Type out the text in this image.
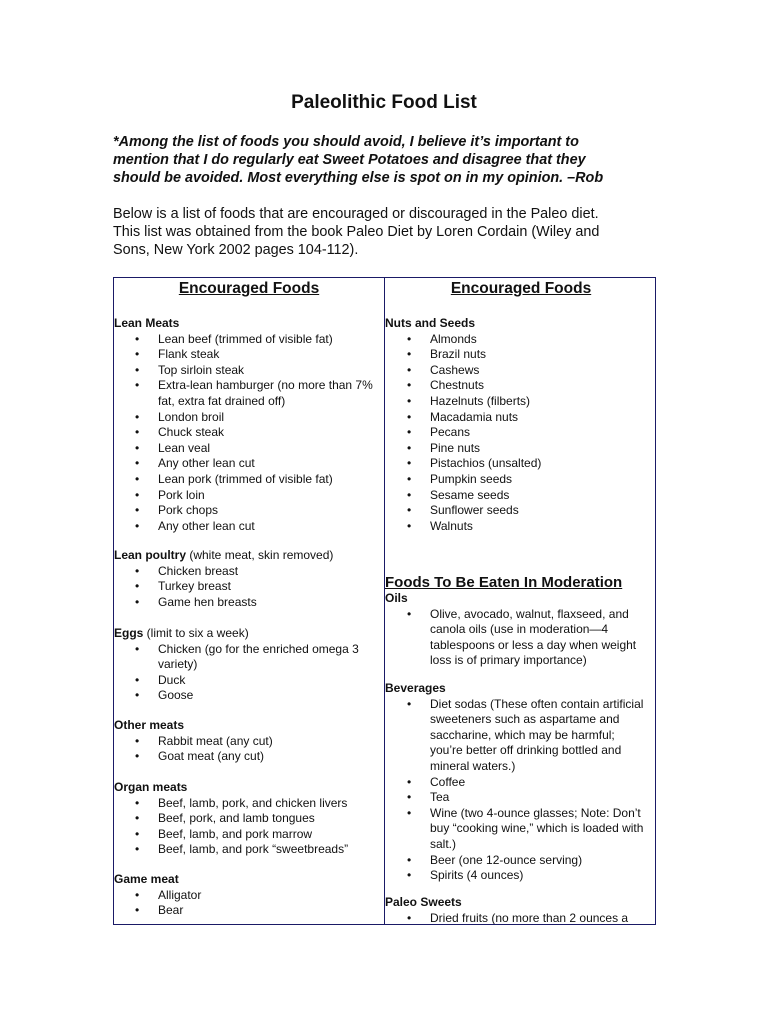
Paleolithic Food List

*Among the list of foods you should avoid, I believe it’s important to
mention that I do regularly eat Sweet Potatoes and disagree that they
should be avoided. Most everything else is spot on in my opinion. –Rob

Below is a list of foods that are encouraged or discouraged in the Paleo diet.
This list was obtained from the book Paleo Diet by Loren Cordain (Wiley and
Sons, New York 2002 pages 104-112).

Encouraged Foods
Lean Meats
• Lean beef (trimmed of visible fat)
• Flank steak
• Top sirloin steak
• Extra-lean hamburger (no more than 7% fat, extra fat drained off)
• London broil
• Chuck steak
• Lean veal
• Any other lean cut
• Lean pork (trimmed of visible fat)
• Pork loin
• Pork chops
• Any other lean cut
Lean poultry (white meat, skin removed)
• Chicken breast
• Turkey breast
• Game hen breasts
Eggs (limit to six a week)
• Chicken (go for the enriched omega 3 variety)
• Duck
• Goose
Other meats
• Rabbit meat (any cut)
• Goat meat (any cut)
Organ meats
• Beef, lamb, pork, and chicken livers
• Beef, pork, and lamb tongues
• Beef, lamb, and pork marrow
• Beef, lamb, and pork “sweetbreads”
Game meat
• Alligator
• Bear
Encouraged Foods
Nuts and Seeds
• Almonds
• Brazil nuts
• Cashews
• Chestnuts
• Hazelnuts (filberts)
• Macadamia nuts
• Pecans
• Pine nuts
• Pistachios (unsalted)
• Pumpkin seeds
• Sesame seeds
• Sunflower seeds
• Walnuts
Foods To Be Eaten In Moderation
Oils
• Olive, avocado, walnut, flaxseed, and canola oils (use in moderation—4 tablespoons or less a day when weight loss is of primary importance)
Beverages
• Diet sodas (These often contain artificial sweeteners such as aspartame and saccharine, which may be harmful; you’re better off drinking bottled and mineral waters.)
• Coffee
• Tea
• Wine (two 4-ounce glasses; Note: Don’t buy “cooking wine,” which is loaded with salt.)
• Beer (one 12-ounce serving)
• Spirits (4 ounces)
Paleo Sweets
• Dried fruits (no more than 2 ounces a
